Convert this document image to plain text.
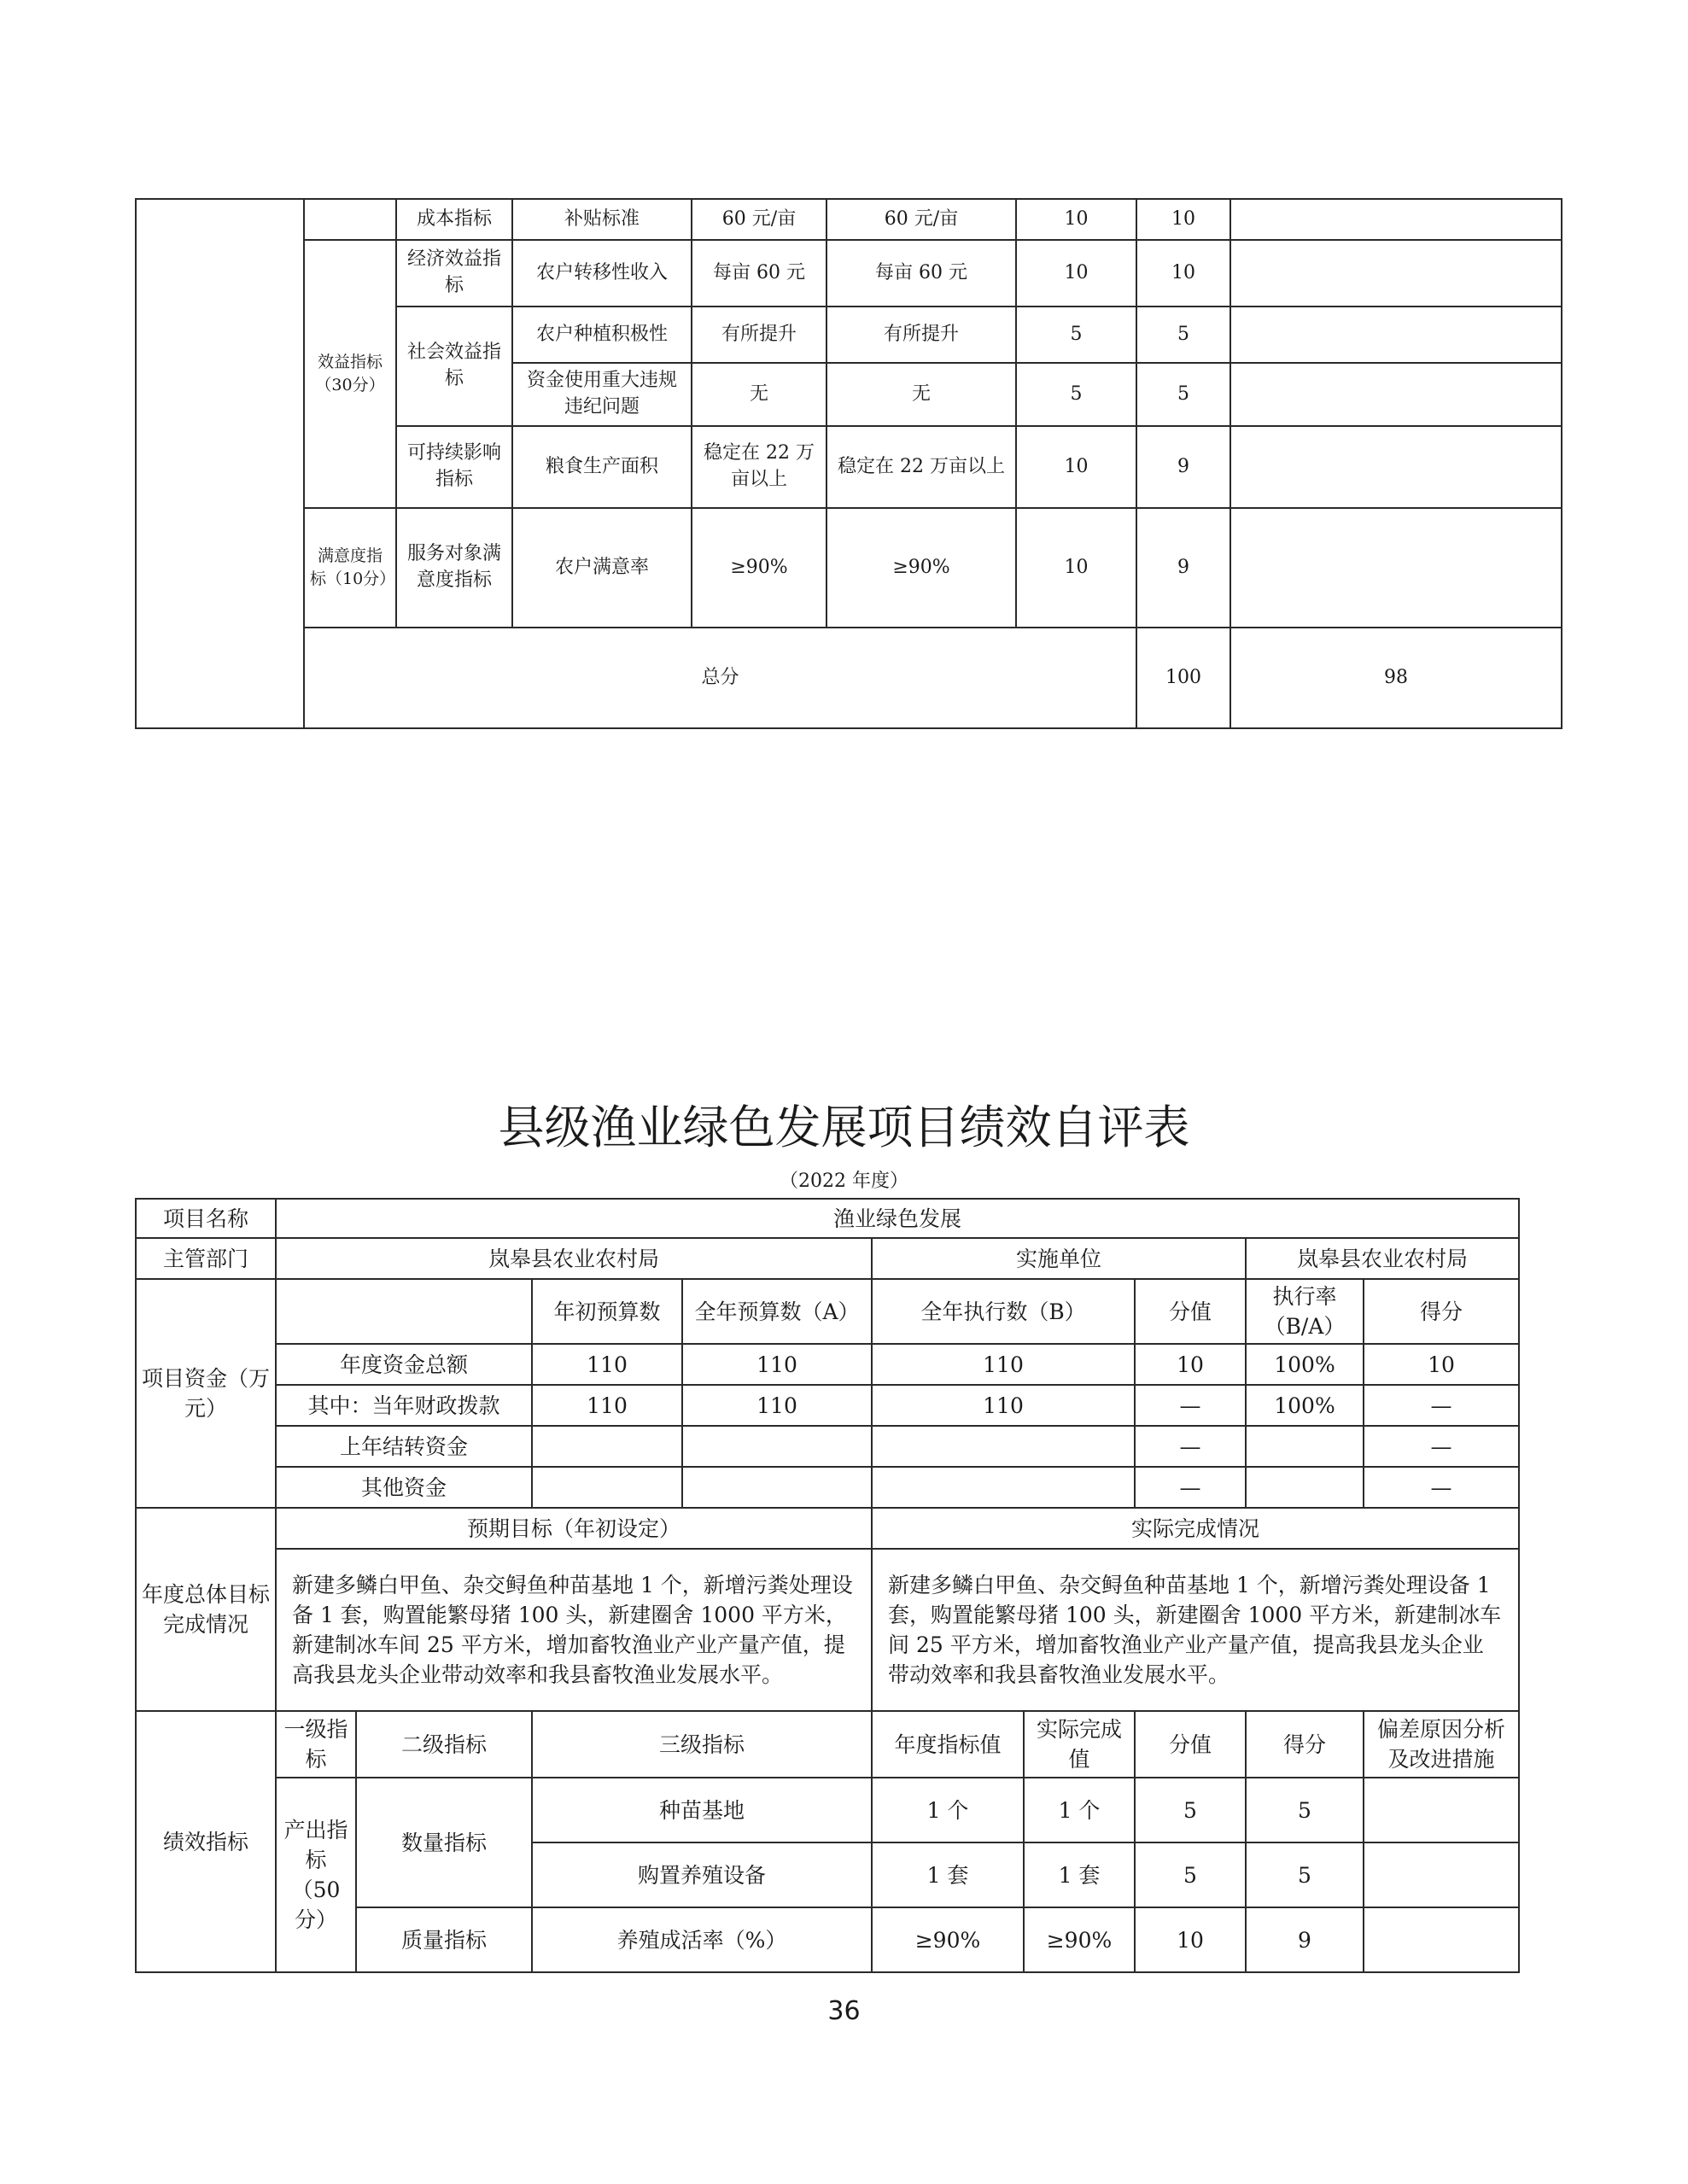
		成本指标	补贴标准	60 元/亩	60 元/亩	10	10		
	效益指标（30分）	经济效益指标	农户转移性收入	每亩 60 元	每亩 60 元	10	10		
		社会效益指标	农户种植积极性	有所提升	有所提升	5	5		
			资金使用重大违规违纪问题	无	无	5	5		
		可持续影响指标	粮食生产面积	稳定在 22 万亩以上	稳定在 22 万亩以上	10	9		
	满意度指标（10分）	服务对象满意度指标	农户满意率	≥90%	≥90%	10	9		
	总分						100	98	
县级渔业绿色发展项目绩效自评表
（2022 年度）
项目名称	渔业绿色发展								
主管部门	岚皋县农业农村局				实施单位			岚皋县农业农村局	
项目资金（万元）			年初预算数	全年预算数（A）	全年执行数（B）		分值	执行率（B/A）	得分
	年度资金总额		110	110	110		10	100%	10
	其中：当年财政拨款		110	110	110		—	100%	—
	上年结转资金						—		—
	其他资金						—		—
年度总体目标完成情况	预期目标（年初设定）				实际完成情况				
	新建多鳞白甲鱼、杂交鲟鱼种苗基地 1 个，新增污粪处理设备 1 套，购置能繁母猪 100 头，新建圈舍 1000 平方米，新建制冰车间 25 平方米，增加畜牧渔业产业产量产值，提高我县龙头企业带动效率和我县畜牧渔业发展水平。				新建多鳞白甲鱼、杂交鲟鱼种苗基地 1 个，新增污粪处理设备 1 套，购置能繁母猪 100 头，新建圈舍 1000 平方米，新建制冰车间 25 平方米，增加畜牧渔业产业产量产值，提高我县龙头企业带动效率和我县畜牧渔业发展水平。				
绩效指标	一级指标	二级指标	三级指标		年度指标值	实际完成值	分值	得分	偏差原因分析及改进措施
	产出指标（50分）	数量指标	种苗基地		1 个	1 个	5	5	
			购置养殖设备		1 套	1 套	5	5	
		质量指标	养殖成活率（%）		≥90%	≥90%	10	9	
36
